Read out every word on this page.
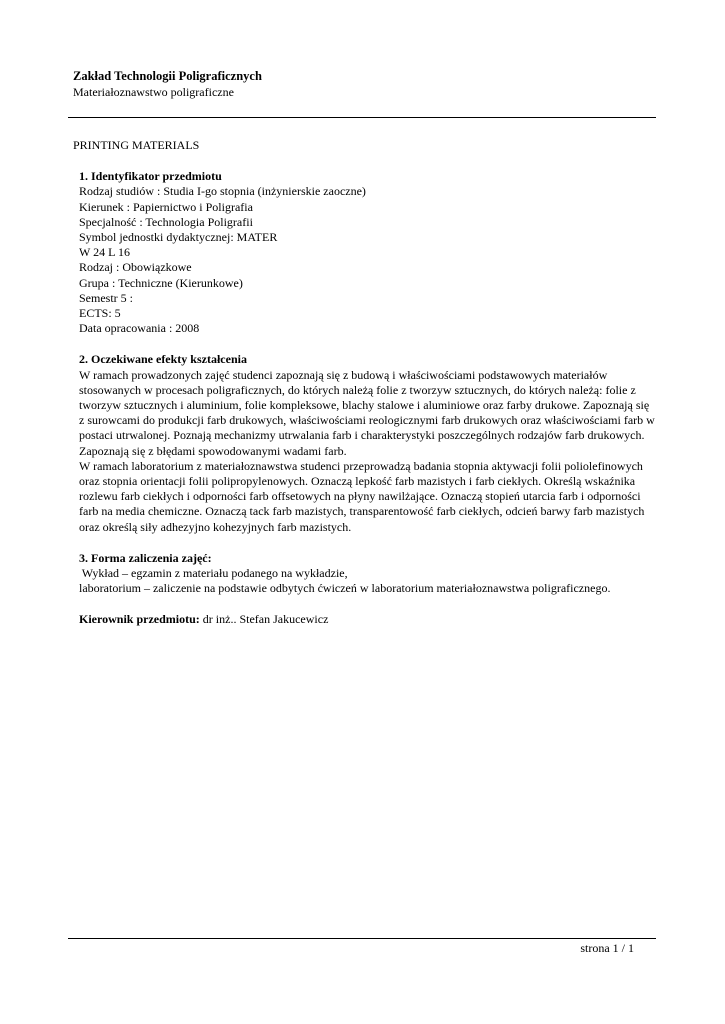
Zakład Technologii Poligraficznych
Materiałoznawstwo poligraficzne
PRINTING MATERIALS
1. Identyfikator przedmiotu
Rodzaj studiów : Studia I-go stopnia (inżynierskie zaoczne)
Kierunek : Papiernictwo i Poligrafia
Specjalność : Technologia Poligrafii
Symbol jednostki dydaktycznej: MATER
W 24 L 16
Rodzaj : Obowiązkowe
Grupa : Techniczne (Kierunkowe)
Semestr 5 :
ECTS: 5
Data opracowania : 2008
2. Oczekiwane efekty kształcenia
W ramach prowadzonych zajęć studenci zapoznają się z budową i właściwościami podstawowych materiałów stosowanych w procesach poligraficznych, do których należą folie z tworzyw sztucznych, do których należą: folie z tworzyw sztucznych i aluminium, folie kompleksowe, blachy stalowe i aluminiowe oraz farby drukowe. Zapoznają się z surowcami do produkcji farb drukowych, właściwościami reologicznymi farb drukowych oraz właściwościami farb w postaci utrwalonej. Poznają mechanizmy utrwalania farb i charakterystyki poszczególnych rodzajów farb drukowych. Zapoznają się z błędami spowodowanymi wadami farb.
W ramach laboratorium z materiałoznawstwa studenci przeprowadzą badania stopnia aktywacji folii poliolefinowych oraz stopnia orientacji folii polipropylenowych. Oznaczą lepkość farb mazistych i farb ciekłych. Określą wskaźnika rozlewu farb ciekłych i odporności farb offsetowych na płyny nawilżające. Oznaczą stopień utarcia farb i odporności farb na media chemiczne. Oznaczą tack farb mazistych, transparentowość farb ciekłych, odcień barwy farb mazistych oraz określą siły adhezyjno kohezyjnych farb mazistych.
3. Forma zaliczenia zajęć:
Wykład – egzamin z materiału podanego na wykładzie,
laboratorium – zaliczenie na podstawie odbytych ćwiczeń w laboratorium materiałoznawstwa poligraficznego.
Kierownik przedmiotu: dr inż.. Stefan Jakucewicz
strona 1 / 1
